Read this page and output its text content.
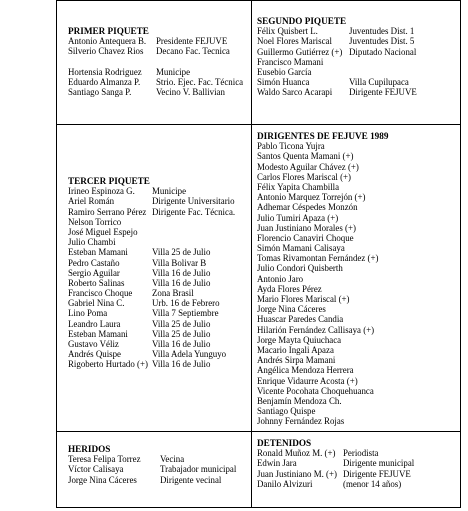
PRIMER PIQUETE
Antonio Antequera B. Presidente FEJUVE
Silverio Chavez Rios Decano Fac. Tecnica
Hortensia Rodriguez Municipe
Eduardo Almanza P. Strio. Ejec. Fac. Técnica
Santiago Sanga P.	Vecino V. Ballivian
SEGUNDO PIQUETE
Félix Quisbert L.	Juventudes Dist. 1
Noel Flores Mariscal Juventudes Dist. 5
Guillermo Gutiérrez (+) Diputado Nacional
Francisco Mamani
Eusebio García
Simón Huanca	Villa Cupilupaca
Waldo Sarco Acarapi Dirigente FEJUVE
TERCER PIQUETE
Irineo Espinoza G. Municipe
Ariel Román	Dirigente Universitario
Ramiro Serrano Pérez Dirigente Fac. Técnica.
Nelson Torrico
José Miguel Espejo
Julio Chambi
Esteban Mamani	Villa 25 de Julio
Pedro Castaño	Villa Bolivar B
Sergio Aguilar	Villa 16 de Julio
Roberto Salinas	Villa 16 de Julio
Francisco Choque Zona Brasil
Gabriel Nina C.	Urb. 16 de Febrero
Lino Poma	Villa 7 Septiembre
Leandro Laura	Villa 25 de Julio
Esteban Mamani	Villa 25 de Julio
Gustavo Véliz	Villa 16 de Julio
Andrés Quispe	Villa Adela Yunguyo
Rigoberto Hurtado (+) Villa 16 de Julio
DIRIGENTES DE FEJUVE 1989
Pablo Ticona Yujra
Santos Quenta Mamani (+)
Modesto Aguilar Chávez (+)
Carlos Flores Mariscal (+)
Félix Yapita Chambilla
Antonio Marquez Torrejón (+)
Adhemar Céspedes Monzón
Julio Tumiri Apaza (+)
Juan Justiniano Morales (+)
Florencio Canaviri Choque
Simón Mamani Calisaya
Tomas Rivamontan Fernández (+)
Julio Condori Quisberth
Antonio Jaro
Ayda Flores Pérez
Mario Flores Mariscal (+)
Jorge Nina Cáceres
Huascar Paredes Candia
Hilarión Fernández Callisaya (+)
Jorge Mayta Quiuchaca
Macario Ingali Apaza
Andrés Sirpa Mamani
Angélica Mendoza Herrera
Enrique Vidaurre Acosta (+)
Vicente Pocohata Choquehuanca
Benjamín Mendoza Ch.
Santiago Quispe
Johnny Fernández Rojas
HERIDOS
Teresa Felipa Torrez Vecina
Víctor Calisaya	Trabajador municipal
Jorge Nina Cáceres	Dirigente vecinal
DETENIDOS
Ronald Muñoz M. (+) Periodista
Edwin Jara	Dirigente municipal
Juan Justiniano M. (+) Dirigente FEJUVE
Danilo Alvizuri	(menor 14 años)
